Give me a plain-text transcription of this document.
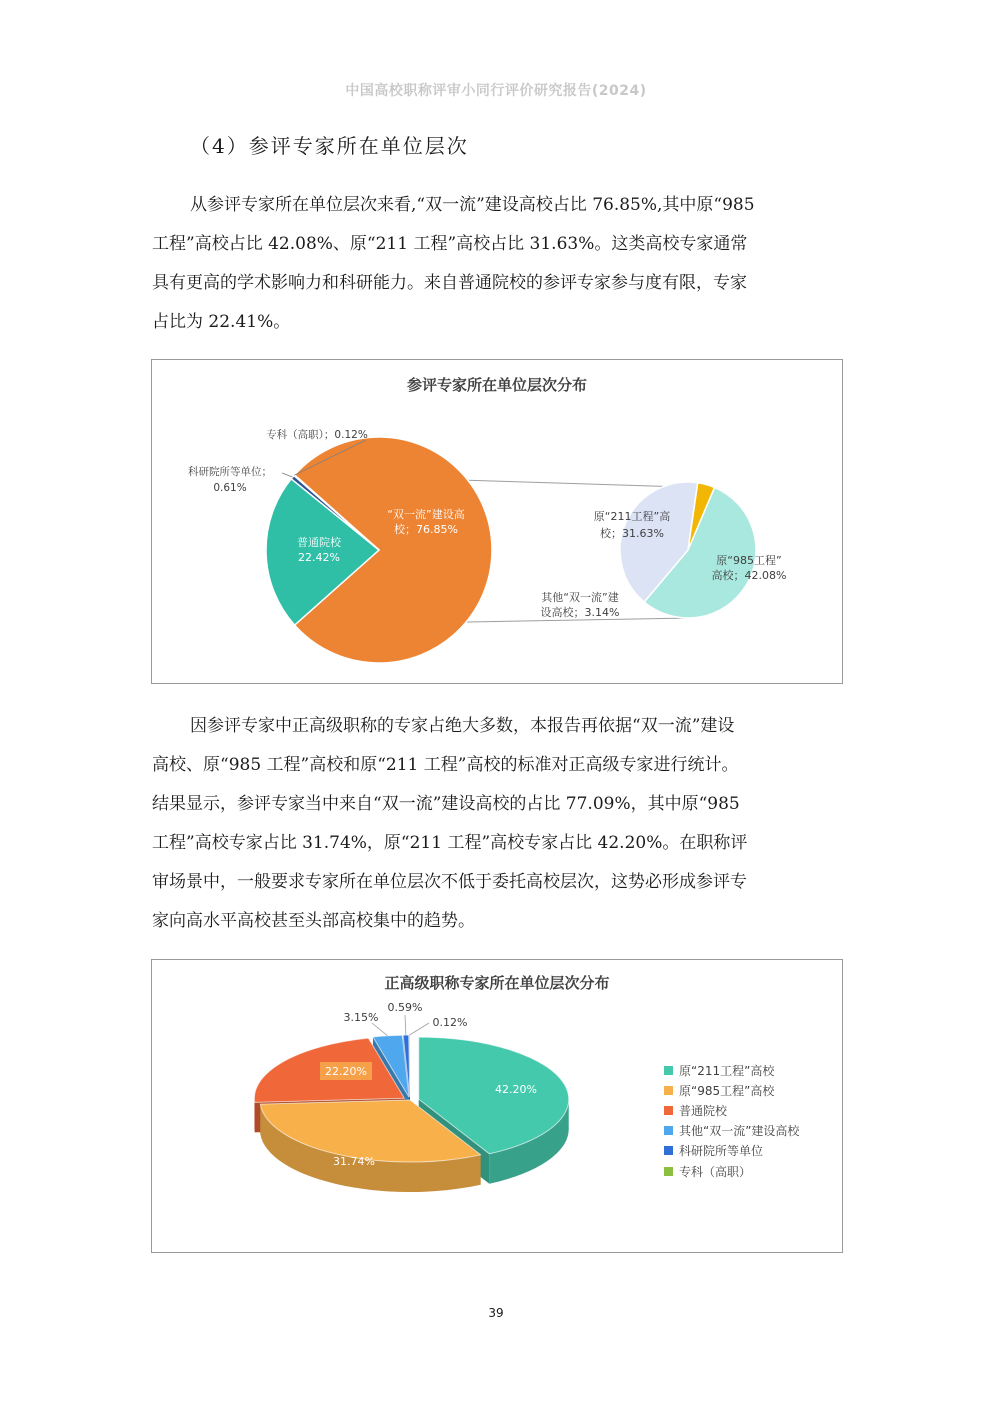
中国高校职称评审小同行评价研究报告(2024)
（4）参评专家所在单位层次
从参评专家所在单位层次来看,“双一流”建设高校占比 76.85%,其中原“985
工程”高校占比 42.08%、原“211 工程”高校占比 31.63%。这类高校专家通常
具有更高的学术影响力和科研能力。来自普通院校的参评专家参与度有限，专家
占比为 22.41%。
参评专家所在单位层次分布
“双一流”建设高校；76.85%
普通院校 22.42%
科研院所等单位； 0.61%
专科（高职）；0.12%
原“985工程”高校；42.08%
原“211工程”高校；31.63%
其他“双一流”建设高校；3.14%
因参评专家中正高级职称的专家占绝大多数，本报告再依据“双一流”建设
高校、原“985 工程”高校和原“211 工程”高校的标准对正高级专家进行统计。
结果显示，参评专家当中来自“双一流”建设高校的占比 77.09%，其中原“985
工程”高校专家占比 31.74%，原“211 工程”高校专家占比 42.20%。在职称评
审场景中，一般要求专家所在单位层次不低于委托高校层次，这势必形成参评专
家向高水平高校甚至头部高校集中的趋势。
正高级职称专家所在单位层次分布
42.20%
31.74%
22.20%
3.15%
0.59%
0.12%
原“211工程”高校
原“985工程”高校
普通院校
其他“双一流”建设高校
科研院所等单位
专科（高职）
39
